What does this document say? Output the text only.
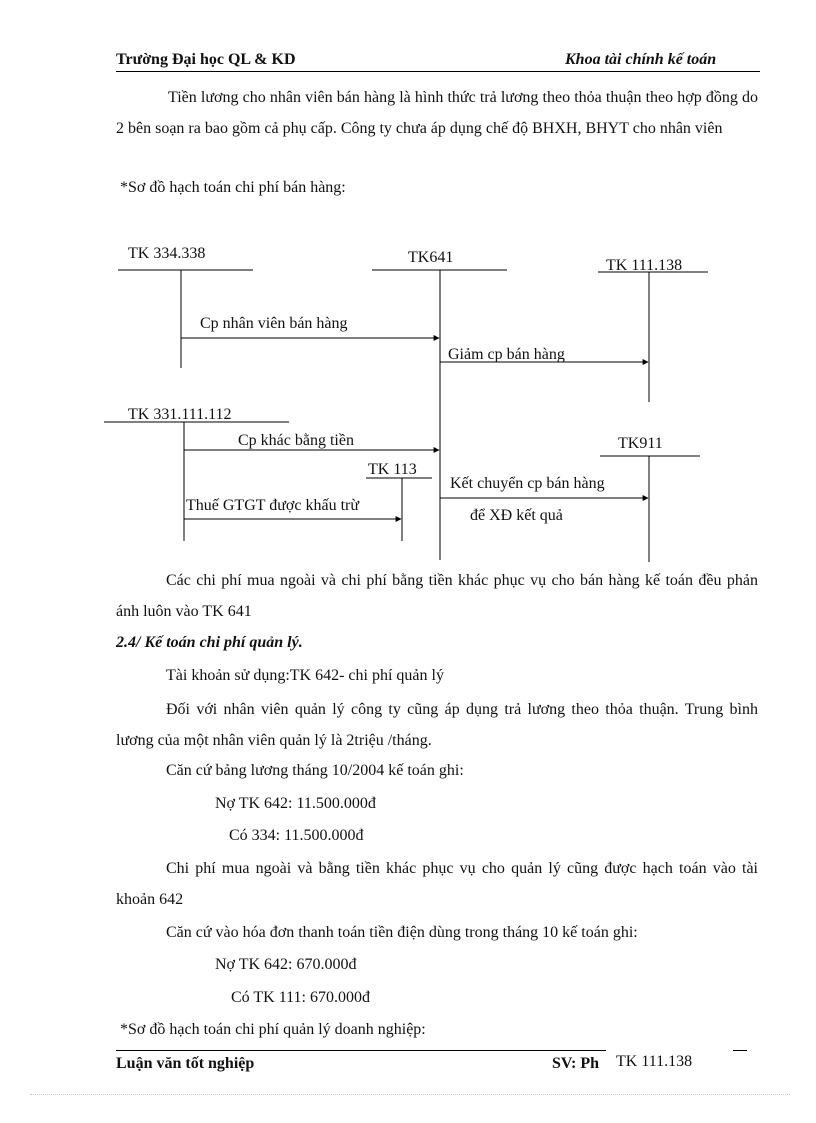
Trường Đại học QL & KD	Khoa tài chính kế toán
Tiền lương cho nhân viên bán hàng là hình thức trả lương theo thỏa thuận theo hợp đồng do 2 bên soạn ra bao gồm cả phụ cấp. Công ty chưa áp dụng chế độ BHXH, BHYT cho nhân viên
*Sơ đồ hạch toán chi phí bán hàng:
TK 334.338	TK641	TK 111.138
Cp nhân viên bán hàng
Giảm cp bán hàng
TK 331.111.112
Cp khác bằng tiền	TK911
TK 113
Kết chuyển cp bán hàng
để XĐ kết quả
Thuế GTGT được khấu trừ
Các chi phí mua ngoài và chi phí bằng tiền khác phục vụ cho bán hàng kế toán đều phản ánh luôn vào TK 641
2.4/ Kế toán chi phí quản lý.
Tài khoản sử dụng:TK 642- chi phí quản lý
Đối với nhân viên quản lý công ty cũng áp dụng trả lương theo thỏa thuận. Trung bình lương của một nhân viên quản lý là 2triệu /tháng.
Căn cứ bảng lương tháng 10/2004 kế toán ghi:
Nợ TK 642: 11.500.000đ
Có 334: 11.500.000đ
Chi phí mua ngoài và bằng tiền khác phục vụ cho quản lý cũng được hạch toán vào tài khoản 642
Căn cứ vào hóa đơn thanh toán tiền điện dùng trong tháng 10 kế toán ghi:
Nợ TK 642: 670.000đ
Có TK 111: 670.000đ
*Sơ đồ hạch toán chi phí quản lý doanh nghiệp:
Luận văn tốt nghiệp	SV: Ph TK 111.138
